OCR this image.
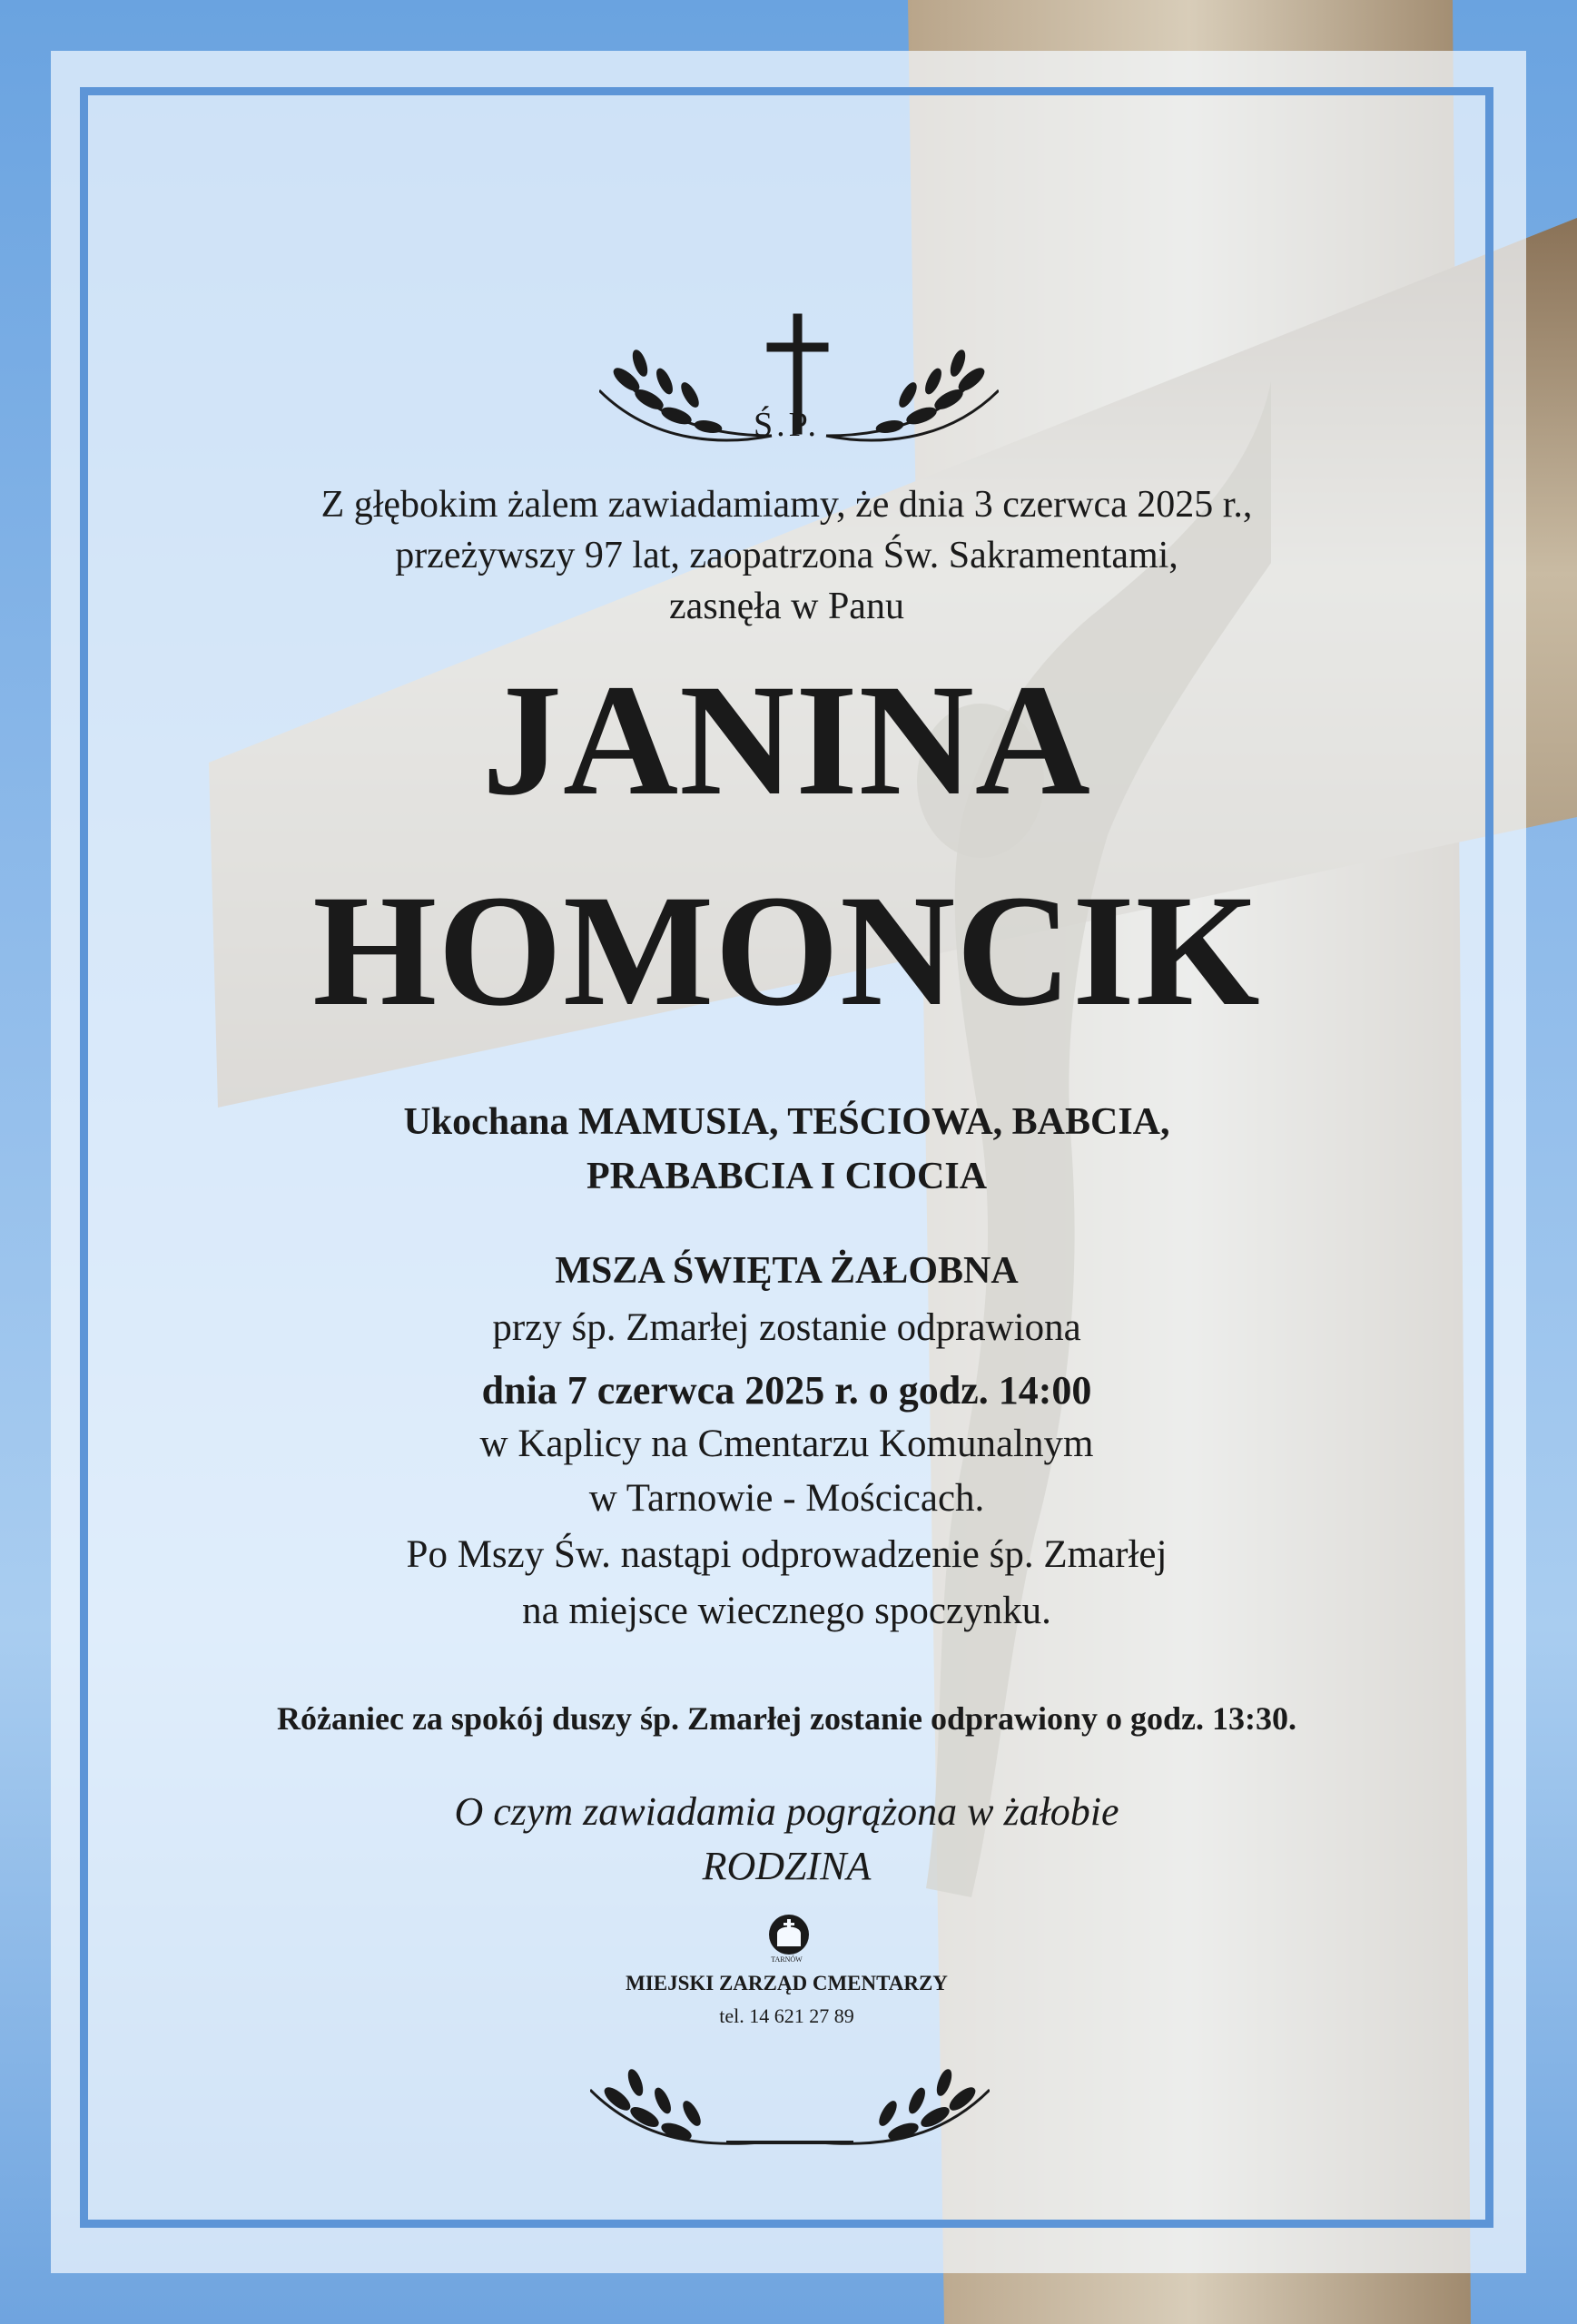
Ś.P.
Z głębokim żalem zawiadamiamy, że dnia 3 czerwca 2025 r.,
przeżywszy 97 lat, zaopatrzona Św. Sakramentami,
zasnęła w Panu
JANINA
HOMONCIK
Ukochana MAMUSIA, TEŚCIOWA, BABCIA,
PRABABCIA I CIOCIA
MSZA ŚWIĘTA ŻAŁOBNA
przy śp. Zmarłej zostanie odprawiona
dnia 7 czerwca 2025 r. o godz. 14:00
w Kaplicy na Cmentarzu Komunalnym
w Tarnowie - Mościcach.
Po Mszy Św. nastąpi odprowadzenie śp. Zmarłej
na miejsce wiecznego spoczynku.
Różaniec za spokój duszy śp. Zmarłej zostanie odprawiony o godz. 13:30.
O czym zawiadamia pogrążona w żałobie
RODZINA
TARNÓW
MIEJSKI ZARZĄD CMENTARZY
tel. 14 621 27 89
